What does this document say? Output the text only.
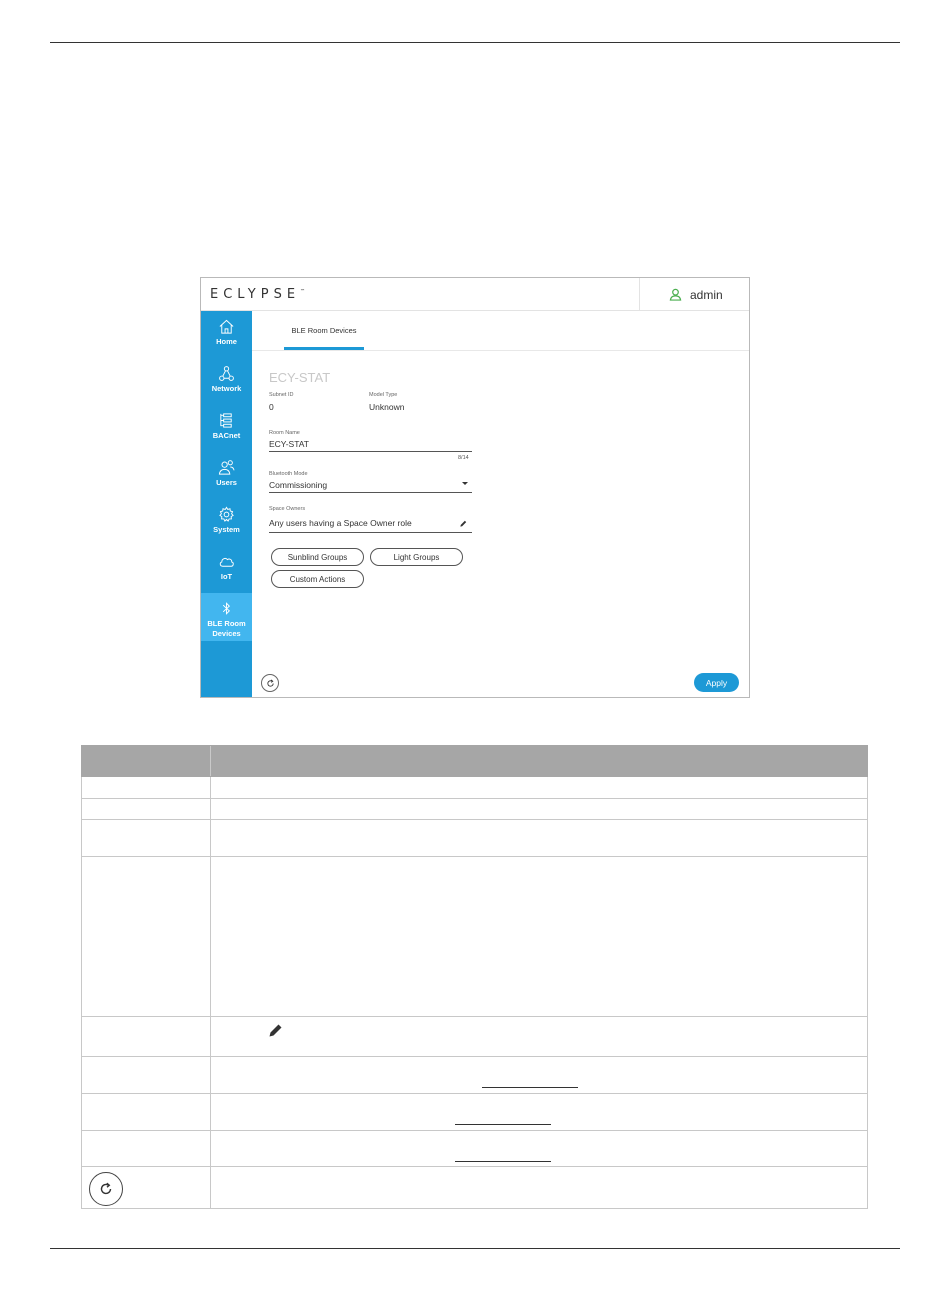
ECLYPSE™	admin
Home
Network
BACnet
Users
System
IoT
BLE Room Devices
BLE Room Devices
ECY-STAT
Subnet ID
0
Model Type
Unknown
Room Name
ECY-STAT
8/14
Bluetooth Mode
Commissioning
Space Owners
Any users having a Space Owner role
Sunblind Groups	Light Groups
Custom Actions
Apply
